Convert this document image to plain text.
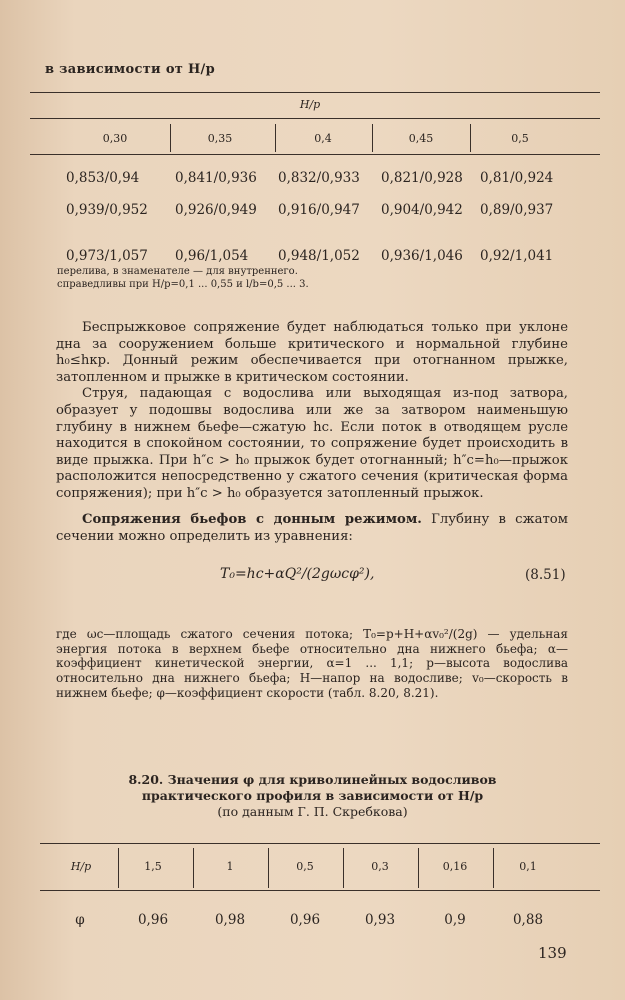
в зависимости от H/p
H/p
0,30	0,35	0,4	0,45	0,5
0,853/0,94	0,841/0,936 0,832/0,933 0,821/0,928 0,81/0,924
0,939/0,952 0,926/0,949 0,916/0,947 0,904/0,942 0,89/0,937
0,973/1,057 0,96/1,054 0,948/1,052 0,936/1,046 0,92/1,041
перелива, в знаменателе — для внутреннего.
справедливы при H/p=0,1 ... 0,55 и l/b=0,5 ... 3.

Беспрыжковое сопряжение будет наблюдаться только при уклоне дна за сооружением больше критического и нормальной глубине h₀≤hкр. Донный режим обеспечивается при отогнанном прыжке, затопленном и прыжке в критическом состоянии.

Струя, падающая с водослива или выходящая из-под затвора, образует у подошвы водослива или же за затвором наименьшую глубину в нижнем бьефе—сжатую hc. Если поток в отводящем русле находится в спокойном состоянии, то сопряжение будет происходить в виде прыжка. При h″c > h₀ прыжок будет отогнанный; h″c=h₀—прыжок расположится непосредственно у сжатого сечения (критическая форма сопряжения); при h″c > h₀ образуется затопленный прыжок.

Сопряжения бьефов с донным режимом. Глубину в сжатом сечении можно определить из уравнения:

T₀=hc+αQ²/(2gωcφ²),	(8.51)

где ωc—площадь сжатого сечения потока; T₀=p+H+αv₀²/(2g) — удельная энергия потока в верхнем бьефе относительно дна нижнего бьефа; α—коэффициент кинетической энергии, α=1 ... 1,1; p—высота водослива относительно дна нижнего бьефа; H—напор на водосливе; v₀—скорость в нижнем бьефе; φ—коэффициент скорости (табл. 8.20, 8.21).

8.20. Значения φ для криволинейных водосливов
практического профиля в зависимости от H/p
(по данным Г. П. Скребкова)
H/p	1,5	1	0,5	0,3	0,16	0,1
φ	0,96	0,98	0,96	0,93	0,9	0,88
139
